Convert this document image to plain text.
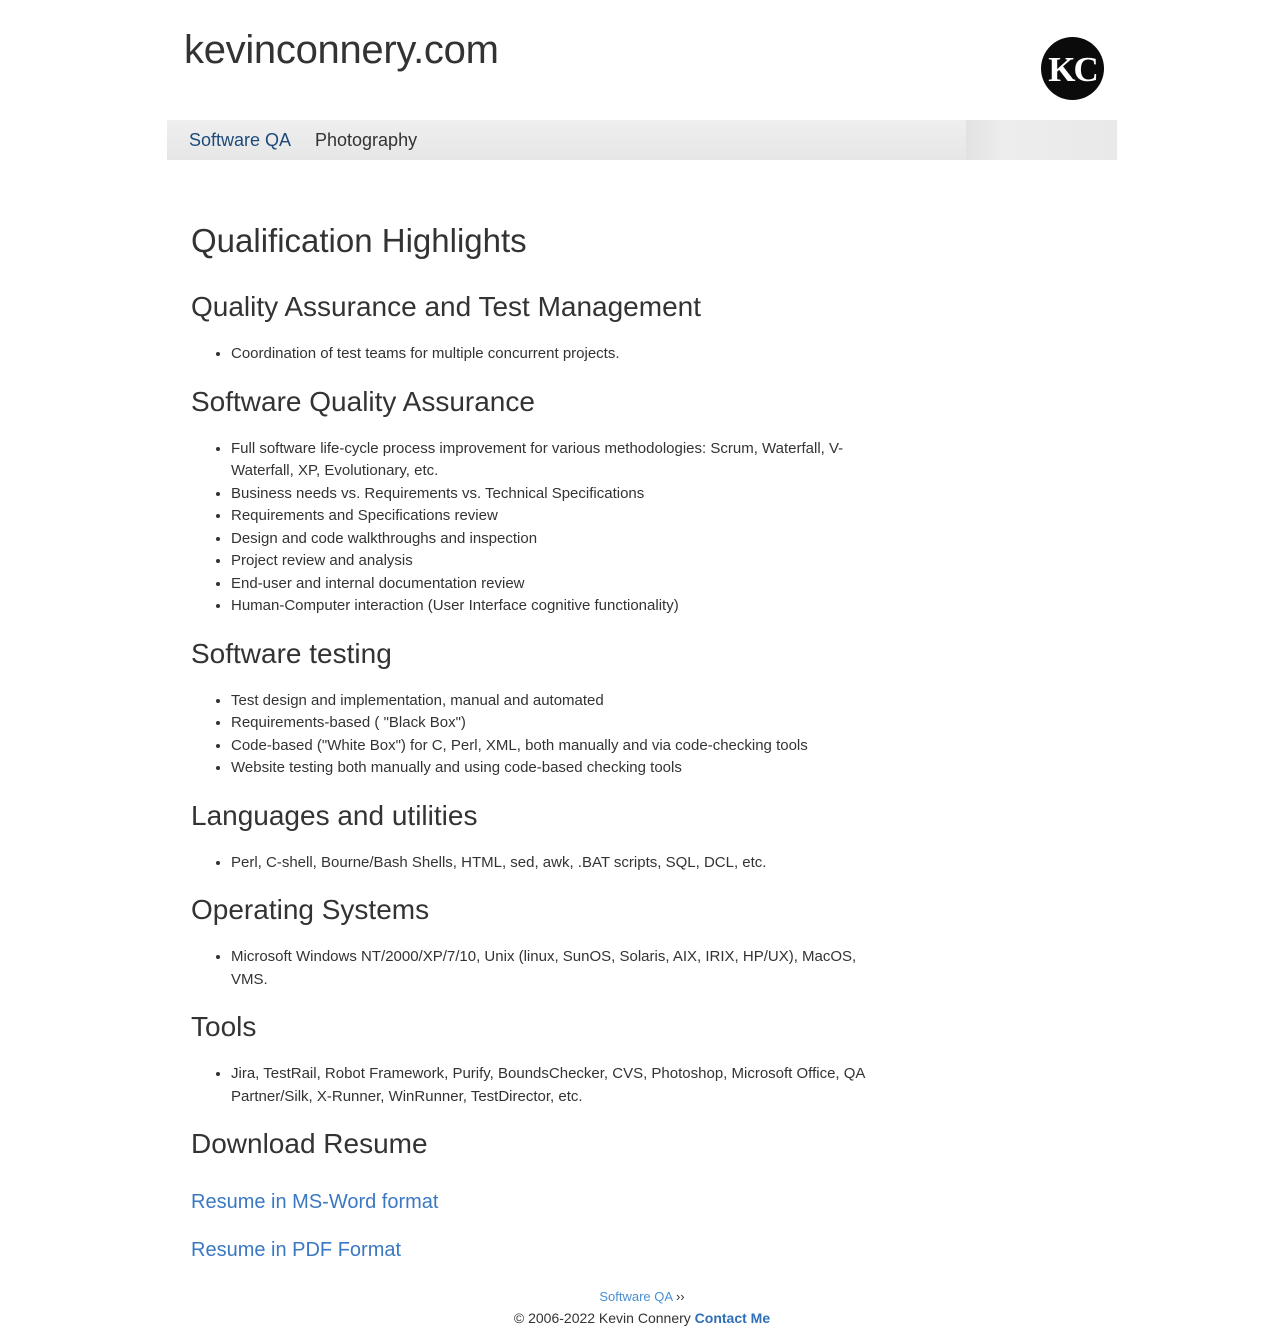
kevinconnery.com	KC
Software QA Photography
Qualification Highlights
Quality Assurance and Test Management
• Coordination of test teams for multiple concurrent projects.
Software Quality Assurance
• Full software life-cycle process improvement for various methodologies: Scrum, Waterfall, V-Waterfall, XP, Evolutionary, etc.
• Business needs vs. Requirements vs. Technical Specifications
• Requirements and Specifications review
• Design and code walkthroughs and inspection
• Project review and analysis
• End-user and internal documentation review
• Human-Computer interaction (User Interface cognitive functionality)
Software testing
• Test design and implementation, manual and automated
• Requirements-based ( "Black Box")
• Code-based ("White Box") for C, Perl, XML, both manually and via code-checking tools
• Website testing both manually and using code-based checking tools
Languages and utilities
• Perl, C-shell, Bourne/Bash Shells, HTML, sed, awk, .BAT scripts, SQL, DCL, etc.
Operating Systems
• Microsoft Windows NT/2000/XP/7/10, Unix (linux, SunOS, Solaris, AIX, IRIX, HP/UX), MacOS, VMS.
Tools
• Jira, TestRail, Robot Framework, Purify, BoundsChecker, CVS, Photoshop, Microsoft Office, QA Partner/Silk, X-Runner, WinRunner, TestDirector, etc.
Download Resume
Resume in MS-Word format
Resume in PDF Format
Software QA ››
© 2006-2022 Kevin Connery Contact Me
